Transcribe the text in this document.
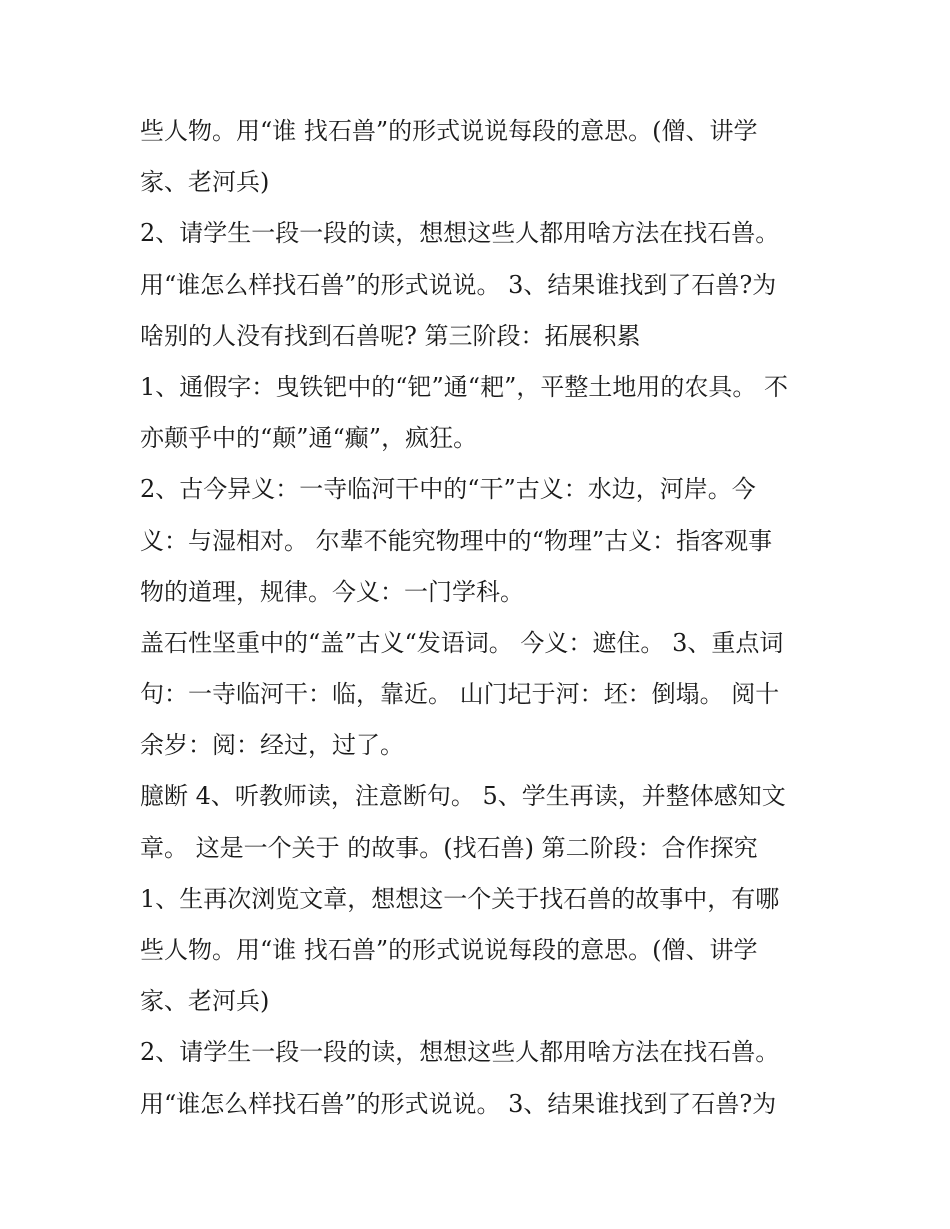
些人物。用“谁 找石兽”的形式说说每段的意思。(僧、讲学
家、老河兵)
2、请学生一段一段的读，想想这些人都用啥方法在找石兽。
用“谁怎么样找石兽”的形式说说。 3、结果谁找到了石兽?为
啥别的人没有找到石兽呢? 第三阶段：拓展积累
1、通假字：曳铁钯中的“钯”通“耙”，平整土地用的农具。 不
亦颠乎中的“颠”通“癫”，疯狂。
2、古今异义：一寺临河干中的“干”古义：水边，河岸。今
义：与湿相对。 尔辈不能究物理中的“物理”古义：指客观事
物的道理，规律。今义：一门学科。
盖石性坚重中的“盖”古义“发语词。 今义：遮住。 3、重点词
句：一寺临河干：临，靠近。 山门圮于河：坯：倒塌。 阅十
余岁：阅：经过，过了。
臆断 4、听教师读，注意断句。 5、学生再读，并整体感知文
章。 这是一个关于 的故事。(找石兽) 第二阶段：合作探究
1、生再次浏览文章，想想这一个关于找石兽的故事中，有哪
些人物。用“谁 找石兽”的形式说说每段的意思。(僧、讲学
家、老河兵)
2、请学生一段一段的读，想想这些人都用啥方法在找石兽。
用“谁怎么样找石兽”的形式说说。 3、结果谁找到了石兽?为
